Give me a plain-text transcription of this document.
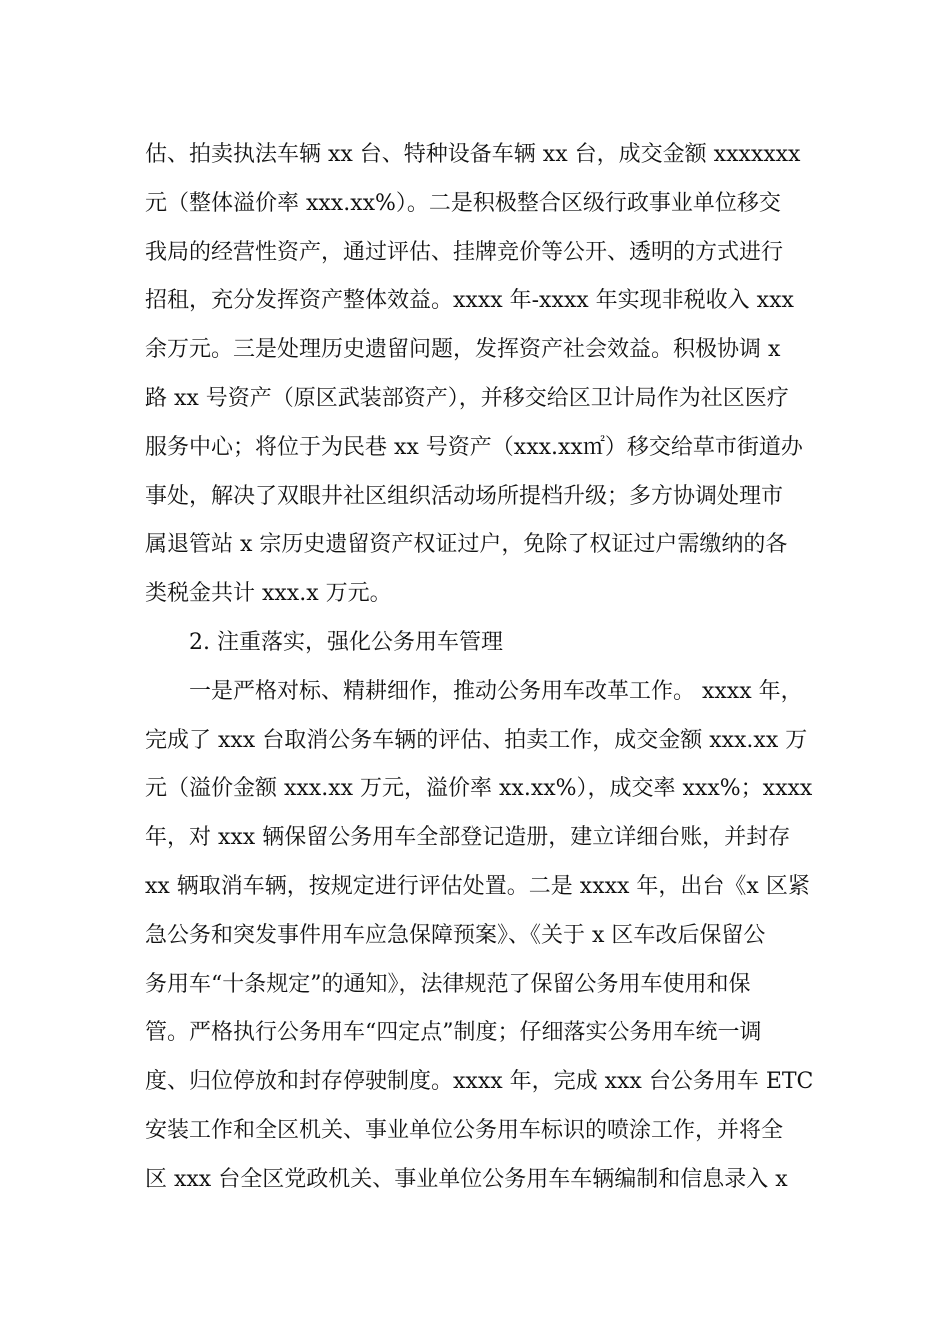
估、拍卖执法车辆 xx 台、特种设备车辆 xx 台，成交金额 xxxxxxx
元（整体溢价率 xxx.xx%）。二是积极整合区级行政事业单位移交
我局的经营性资产，通过评估、挂牌竞价等公开、透明的方式进行
招租，充分发挥资产整体效益。xxxx 年-xxxx 年实现非税收入 xxx
余万元。三是处理历史遗留问题，发挥资产社会效益。积极协调 x
路 xx 号资产（原区武装部资产），并移交给区卫计局作为社区医疗
服务中心；将位于为民巷 xx 号资产（xxx.xx㎡）移交给草市街道办
事处，解决了双眼井社区组织活动场所提档升级；多方协调处理市
属退管站 x 宗历史遗留资产权证过户，免除了权证过户需缴纳的各
类税金共计 xxx.x 万元。
2. 注重落实，强化公务用车管理
一是严格对标、精耕细作，推动公务用车改革工作。 xxxx 年，
完成了 xxx 台取消公务车辆的评估、拍卖工作，成交金额 xxx.xx 万
元（溢价金额 xxx.xx 万元，溢价率 xx.xx%），成交率 xxx%；xxxx
年，对 xxx 辆保留公务用车全部登记造册，建立详细台账，并封存
xx 辆取消车辆，按规定进行评估处置。二是 xxxx 年，出台《x 区紧
急公务和突发事件用车应急保障预案》、《关于 x 区车改后保留公
务用车“十条规定”的通知》，法律规范了保留公务用车使用和保
管。严格执行公务用车“四定点”制度；仔细落实公务用车统一调
度、归位停放和封存停驶制度。xxxx 年，完成 xxx 台公务用车 ETC
安装工作和全区机关、事业单位公务用车标识的喷涂工作，并将全
区 xxx 台全区党政机关、事业单位公务用车车辆编制和信息录入 x
